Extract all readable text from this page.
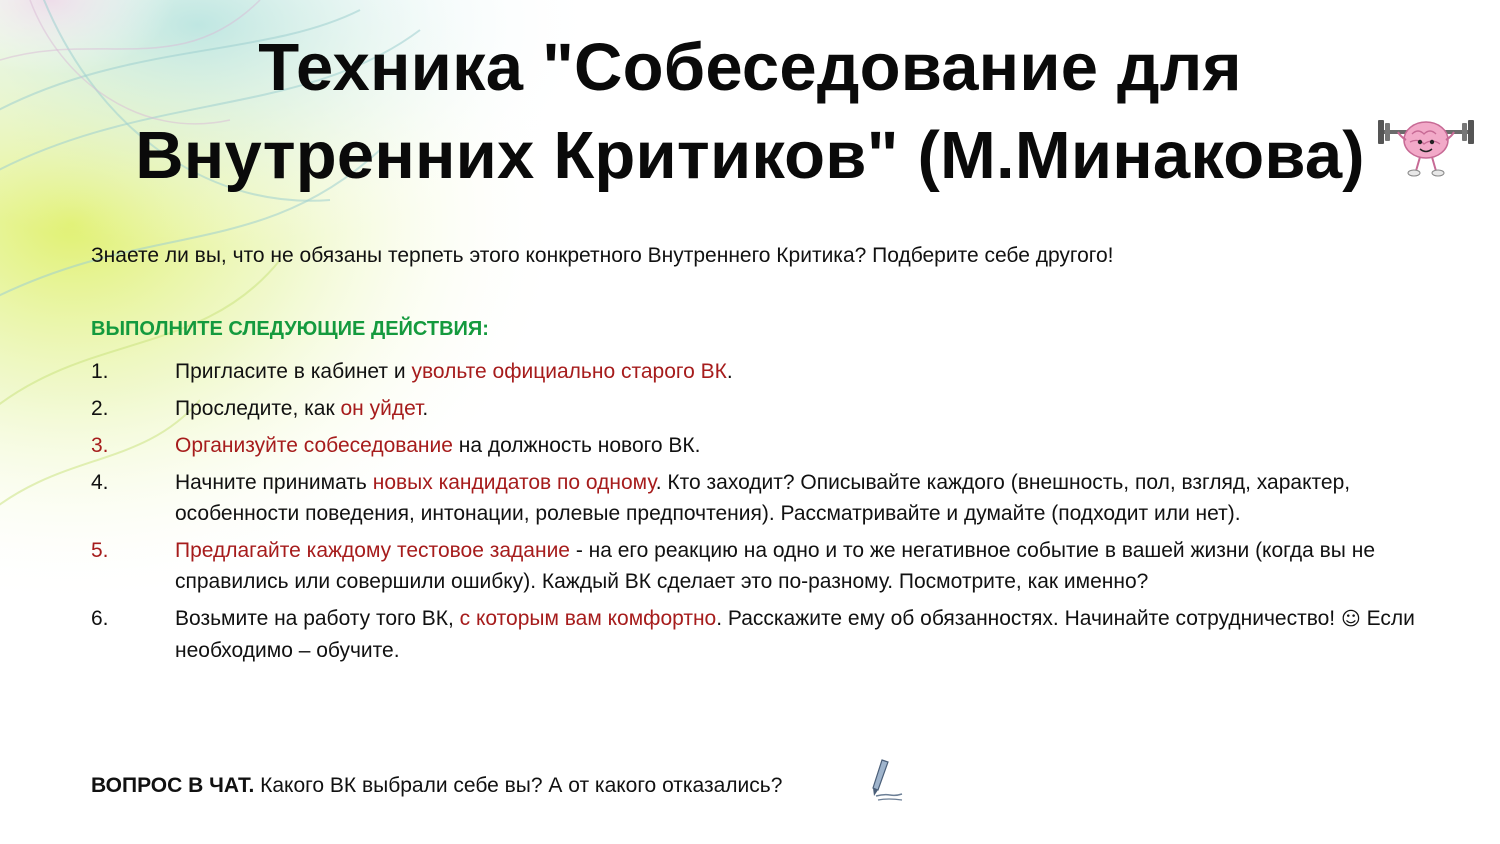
Техника "Собеседование для
Внутренних Критиков" (М.Минакова)
Знаете ли вы, что не обязаны терпеть этого конкретного Внутреннего Критика? Подберите себе другого!
ВЫПОЛНИТЕ СЛЕДУЮЩИЕ ДЕЙСТВИЯ:
1.	Пригласите в кабинет и увольте официально старого ВК.
2.	Проследите, как он уйдет.
3.	Организуйте собеседование на должность нового ВК.
4.	Начните принимать новых кандидатов по одному. Кто заходит? Описывайте каждого (внешность, пол, взгляд, характер, особенности поведения, интонации, ролевые предпочтения). Рассматривайте и думайте (подходит или нет).
5.	Предлагайте каждому тестовое задание - на его реакцию на одно и то же негативное событие в вашей жизни (когда вы не справились или совершили ошибку). Каждый ВК сделает это по-разному. Посмотрите, как именно?
6.	Возьмите на работу того ВК, с которым вам комфортно. Расскажите ему об обязанностях. Начинайте сотрудничество! ☺ Если необходимо – обучите.
ВОПРОС В ЧАТ. Какого ВК выбрали себе вы? А от какого отказались?
